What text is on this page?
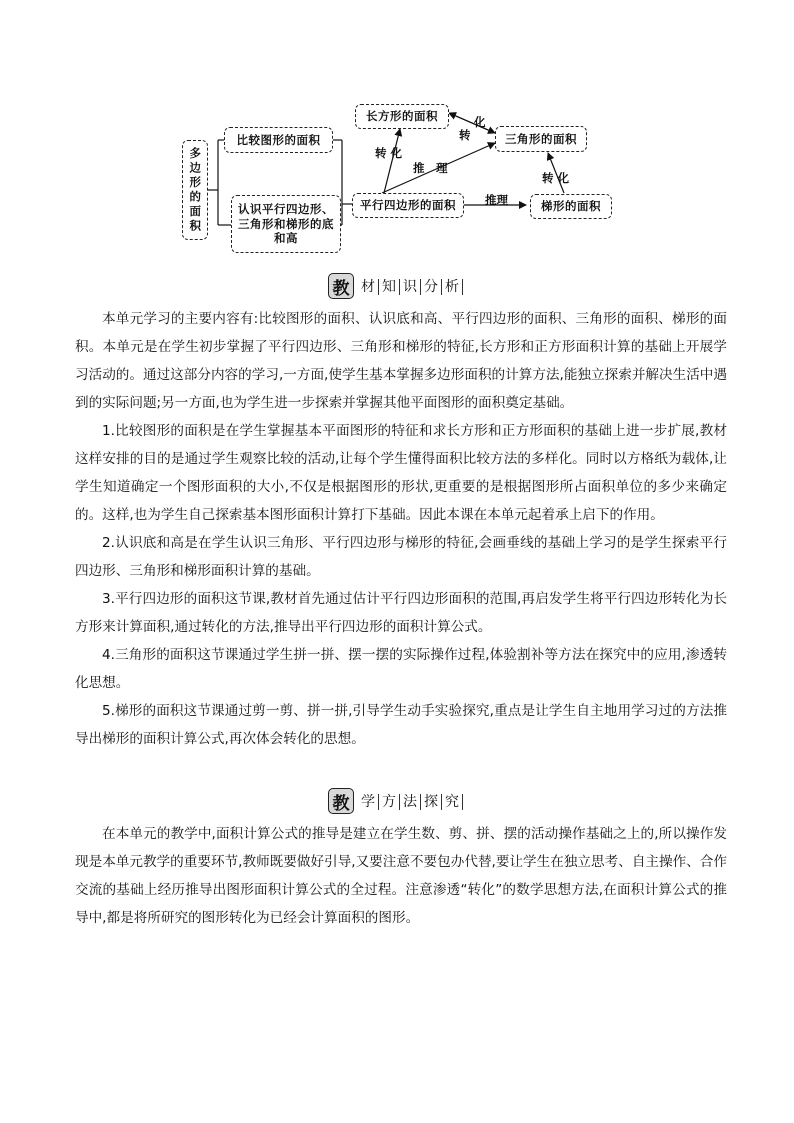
多边形的面积
比较图形的面积
认识平行四边形、三角形和梯形的底和高
平行四边形的面积
长方形的面积
三角形的面积
梯形的面积
转 化
化
转
推　理
推理
转 化
教 材 知 识 分 析

本单元学习的主要内容有:比较图形的面积、认识底和高、平行四边形的面积、三角形的面积、梯形的面积。本单元是在学生初步掌握了平行四边形、三角形和梯形的特征,长方形和正方形面积计算的基础上开展学习活动的。通过这部分内容的学习,一方面,使学生基本掌握多边形面积的计算方法,能独立探索并解决生活中遇到的实际问题;另一方面,也为学生进一步探索并掌握其他平面图形的面积奠定基础。

1.比较图形的面积是在学生掌握基本平面图形的特征和求长方形和正方形面积的基础上进一步扩展,教材这样安排的目的是通过学生观察比较的活动,让每个学生懂得面积比较方法的多样化。同时以方格纸为载体,让学生知道确定一个图形面积的大小,不仅是根据图形的形状,更重要的是根据图形所占面积单位的多少来确定的。这样,也为学生自己探索基本图形面积计算打下基础。因此本课在本单元起着承上启下的作用。

2.认识底和高是在学生认识三角形、平行四边形与梯形的特征,会画垂线的基础上学习的是学生探索平行四边形、三角形和梯形面积计算的基础。

3.平行四边形的面积这节课,教材首先通过估计平行四边形面积的范围,再启发学生将平行四边形转化为长方形来计算面积,通过转化的方法,推导出平行四边形的面积计算公式。

4.三角形的面积这节课通过学生拼一拼、摆一摆的实际操作过程,体验割补等方法在探究中的应用,渗透转化思想。

5.梯形的面积这节课通过剪一剪、拼一拼,引导学生动手实验探究,重点是让学生自主地用学习过的方法推导出梯形的面积计算公式,再次体会转化的思想。

教 学 方 法 探 究

在本单元的教学中,面积计算公式的推导是建立在学生数、剪、拼、摆的活动操作基础之上的,所以操作发现是本单元教学的重要环节,教师既要做好引导,又要注意不要包办代替,要让学生在独立思考、自主操作、合作交流的基础上经历推导出图形面积计算公式的全过程。注意渗透“转化”的数学思想方法,在面积计算公式的推导中,都是将所研究的图形转化为已经会计算面积的图形。
